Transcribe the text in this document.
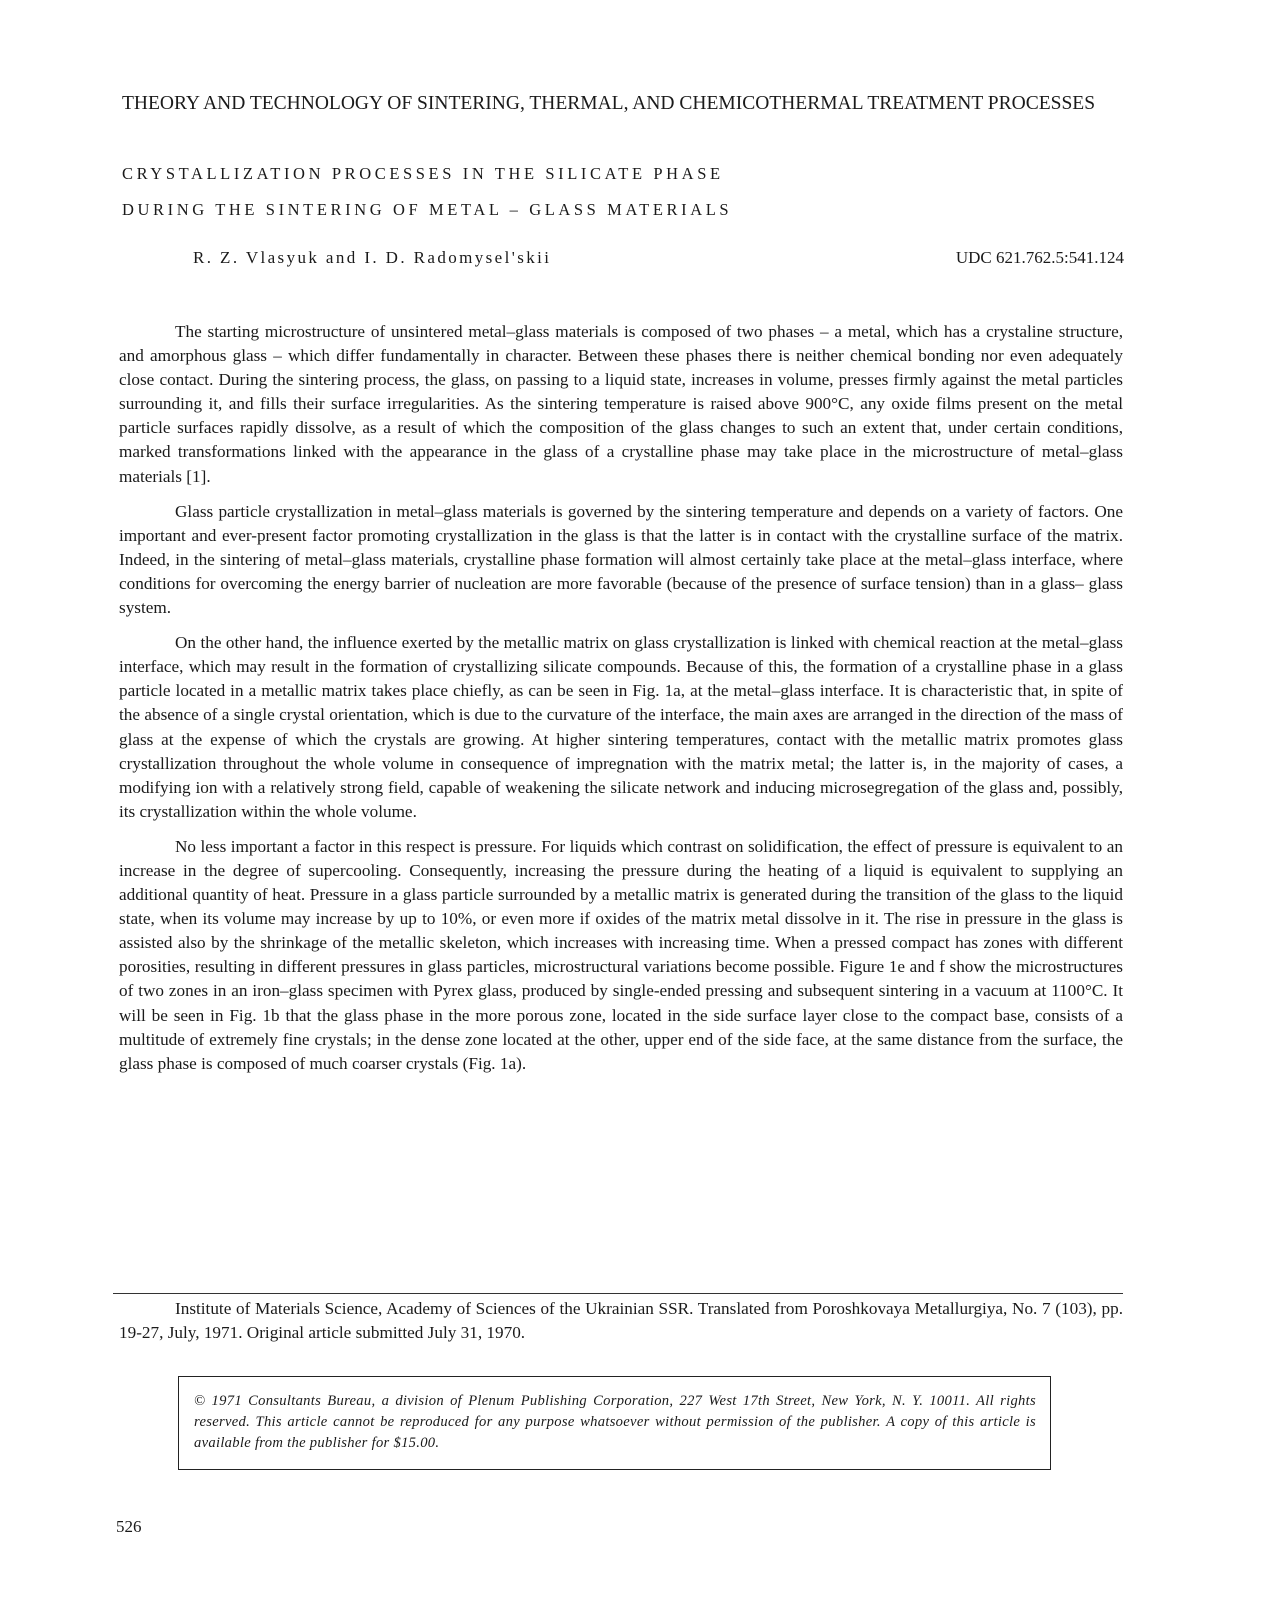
THEORY AND TECHNOLOGY OF SINTERING, THERMAL, AND CHEMICOTHERMAL TREATMENT PROCESSES
CRYSTALLIZATION PROCESSES IN THE SILICATE PHASE
DURING THE SINTERING OF METAL – GLASS MATERIALS
R. Z. Vlasyuk and I. D. Radomysel'skii	UDC 621.762.5:541.124

The starting microstructure of unsintered metal–glass materials is composed of two phases – a metal, which has a crystaline structure, and amorphous glass – which differ fundamentally in character. Between these phases there is neither chemical bonding nor even adequately close contact. During the sintering process, the glass, on passing to a liquid state, increases in volume, presses firmly against the metal particles surrounding it, and fills their surface irregularities. As the sintering temperature is raised above 900°C, any oxide films present on the metal particle surfaces rapidly dissolve, as a result of which the composition of the glass changes to such an extent that, under certain conditions, marked transformations linked with the appearance in the glass of a crystalline phase may take place in the microstructure of metal–glass materials [1].

Glass particle crystallization in metal–glass materials is governed by the sintering temperature and depends on a variety of factors. One important and ever-present factor promoting crystallization in the glass is that the latter is in contact with the crystalline surface of the matrix. Indeed, in the sintering of metal–glass materials, crystalline phase formation will almost certainly take place at the metal–glass interface, where conditions for overcoming the energy barrier of nucleation are more favorable (because of the presence of surface tension) than in a glass– glass system.

On the other hand, the influence exerted by the metallic matrix on glass crystallization is linked with chemical reaction at the metal–glass interface, which may result in the formation of crystallizing silicate compounds. Because of this, the formation of a crystalline phase in a glass particle located in a metallic matrix takes place chiefly, as can be seen in Fig. 1a, at the metal–glass interface. It is characteristic that, in spite of the absence of a single crystal orientation, which is due to the curvature of the interface, the main axes are arranged in the direction of the mass of glass at the expense of which the crystals are growing. At higher sintering temperatures, contact with the metallic matrix promotes glass crystallization throughout the whole volume in consequence of impregnation with the matrix metal; the latter is, in the majority of cases, a modifying ion with a relatively strong field, capable of weakening the silicate network and inducing microsegregation of the glass and, possibly, its crystallization within the whole volume.

No less important a factor in this respect is pressure. For liquids which contrast on solidification, the effect of pressure is equivalent to an increase in the degree of supercooling. Consequently, increasing the pressure during the heating of a liquid is equivalent to supplying an additional quantity of heat. Pressure in a glass particle surrounded by a metallic matrix is generated during the transition of the glass to the liquid state, when its volume may increase by up to 10%, or even more if oxides of the matrix metal dissolve in it. The rise in pressure in the glass is assisted also by the shrinkage of the metallic skeleton, which increases with increasing time. When a pressed compact has zones with different porosities, resulting in different pressures in glass particles, microstructural variations become possible. Figure 1e and f show the microstructures of two zones in an iron–glass specimen with Pyrex glass, produced by single-ended pressing and subsequent sintering in a vacuum at 1100°C. It will be seen in Fig. 1b that the glass phase in the more porous zone, located in the side surface layer close to the compact base, consists of a multitude of extremely fine crystals; in the dense zone located at the other, upper end of the side face, at the same distance from the surface, the glass phase is composed of much coarser crystals (Fig. 1a).

Institute of Materials Science, Academy of Sciences of the Ukrainian SSR. Translated from Poroshkovaya Metallurgiya, No. 7 (103), pp. 19-27, July, 1971. Original article submitted July 31, 1970.

© 1971 Consultants Bureau, a division of Plenum Publishing Corporation, 227 West 17th Street, New York, N. Y. 10011. All rights reserved. This article cannot be reproduced for any purpose whatsoever without permission of the publisher. A copy of this article is available from the publisher for $15.00.
526
